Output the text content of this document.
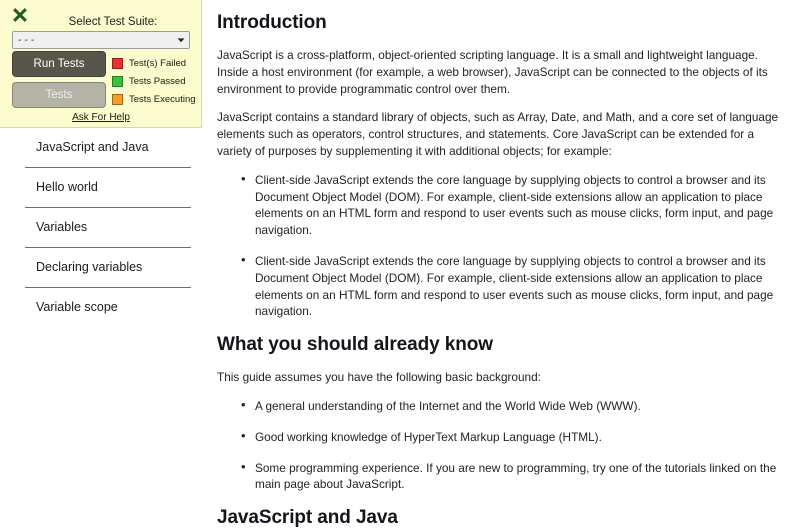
Select Test Suite:
- - -
Run Tests
Tests
Test(s) Failed
Tests Passed
Tests Executing
Ask For Help
JavaScript and Java
Hello world
Variables
Declaring variables
Variable scope
Introduction

JavaScript is a cross-platform, object-oriented scripting language. It is a small and lightweight language. Inside a host environment (for example, a web browser), JavaScript can be connected to the objects of its environment to provide programmatic control over them.

JavaScript contains a standard library of objects, such as Array, Date, and Math, and a core set of language elements such as operators, control structures, and statements. Core JavaScript can be extended for a variety of purposes by supplementing it with additional objects; for example:

• Client-side JavaScript extends the core language by supplying objects to control a browser and its Document Object Model (DOM). For example, client-side extensions allow an application to place elements on an HTML form and respond to user events such as mouse clicks, form input, and page navigation.
• Client-side JavaScript extends the core language by supplying objects to control a browser and its Document Object Model (DOM). For example, client-side extensions allow an application to place elements on an HTML form and respond to user events such as mouse clicks, form input, and page navigation.
What you should already know

This guide assumes you have the following basic background:

• A general understanding of the Internet and the World Wide Web (WWW).
• Good working knowledge of HyperText Markup Language (HTML).
• Some programming experience. If you are new to programming, try one of the tutorials linked on the main page about JavaScript.
JavaScript and Java
